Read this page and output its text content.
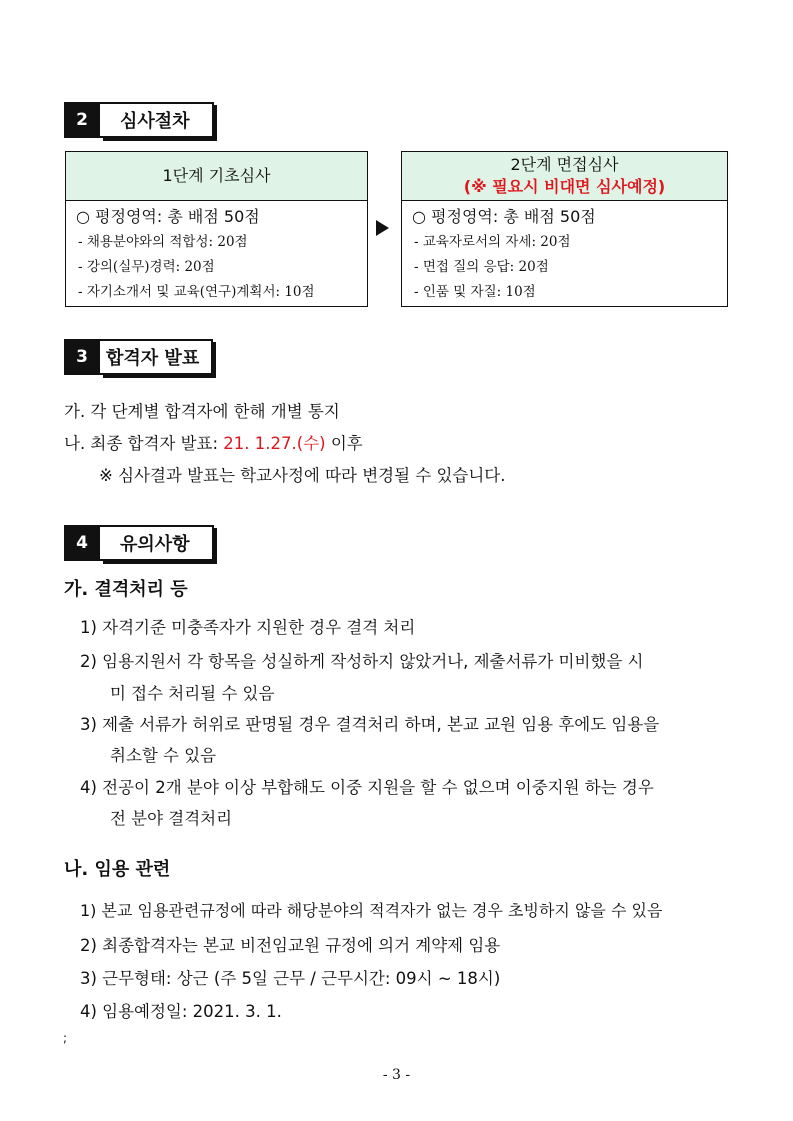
2	심사절차
1단계 기초심사
○ 평정영역: 총 배점 50점
- 채용분야와의 적합성: 20점
- 강의(실무)경력: 20점
- 자기소개서 및 교육(연구)계획서: 10점
2단계 면접심사
(※ 필요시 비대면 심사예정)
○ 평정영역: 총 배점 50점
- 교육자로서의 자세: 20점
- 면접 질의 응답: 20점
- 인품 및 자질: 10점
3	합격자 발표
가. 각 단계별 합격자에 한해 개별 통지
나. 최종 합격자 발표: 21. 1.27.(수) 이후
※ 심사결과 발표는 학교사정에 따라 변경될 수 있습니다.
4	유의사항
가. 결격처리 등
1) 자격기준 미충족자가 지원한 경우 결격 처리
2) 임용지원서 각 항목을 성실하게 작성하지 않았거나, 제출서류가 미비했을 시
미 접수 처리될 수 있음
3) 제출 서류가 허위로 판명될 경우 결격처리 하며, 본교 교원 임용 후에도 임용을
취소할 수 있음
4) 전공이 2개 분야 이상 부합해도 이중 지원을 할 수 없으며 이중지원 하는 경우
전 분야 결격처리
나. 임용 관련
1) 본교 임용관련규정에 따라 해당분야의 적격자가 없는 경우 초빙하지 않을 수 있음
2) 최종합격자는 본교 비전임교원 규정에 의거 계약제 임용
3) 근무형태: 상근 (주 5일 근무 / 근무시간: 09시 ~ 18시)
4) 임용예정일: 2021. 3. 1.
;
- 3 -
